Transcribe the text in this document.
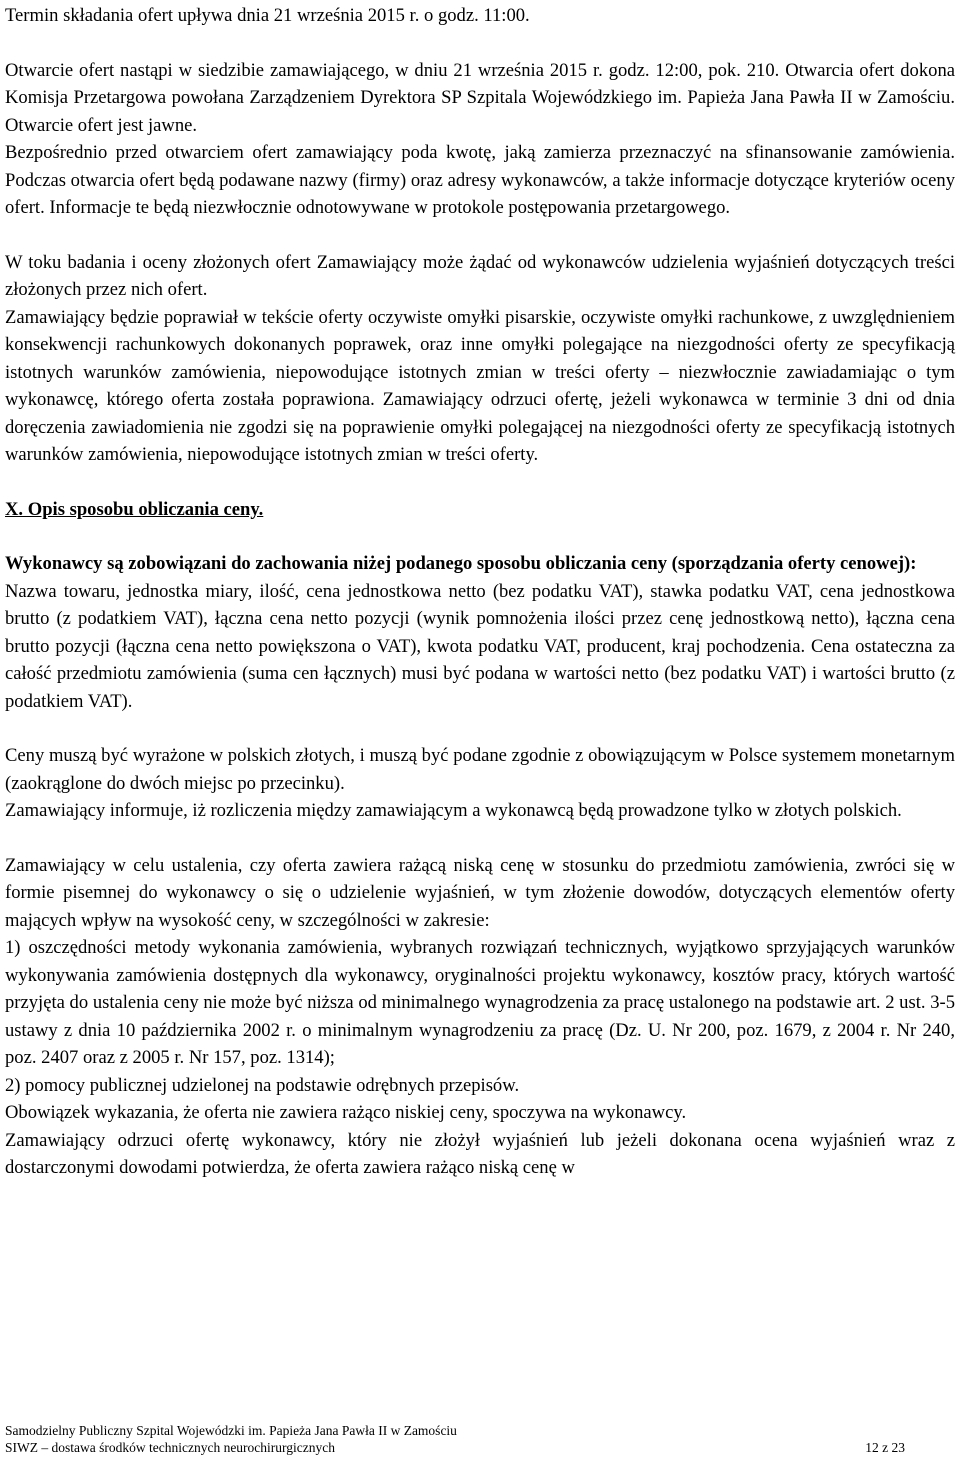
Termin składania ofert upływa dnia 21 września 2015 r. o godz. 11:00.

Otwarcie ofert nastąpi w siedzibie zamawiającego, w dniu 21 września 2015 r. godz. 12:00, pok. 210. Otwarcia ofert dokona Komisja Przetargowa powołana Zarządzeniem Dyrektora SP Szpitala Wojewódzkiego im. Papieża Jana Pawła II w Zamościu. Otwarcie ofert jest jawne.

Bezpośrednio przed otwarciem ofert zamawiający poda kwotę, jaką zamierza przeznaczyć na sfinansowanie zamówienia. Podczas otwarcia ofert będą podawane nazwy (firmy) oraz adresy wykonawców, a także informacje dotyczące kryteriów oceny ofert. Informacje te będą niezwłocznie odnotowywane w protokole postępowania przetargowego.

W toku badania i oceny złożonych ofert Zamawiający może żądać od wykonawców udzielenia wyjaśnień dotyczących treści złożonych przez nich ofert.

Zamawiający będzie poprawiał w tekście oferty oczywiste omyłki pisarskie, oczywiste omyłki rachunkowe, z uwzględnieniem konsekwencji rachunkowych dokonanych poprawek, oraz inne omyłki polegające na niezgodności oferty ze specyfikacją istotnych warunków zamówienia, niepowodujące istotnych zmian w treści oferty – niezwłocznie zawiadamiając o tym wykonawcę, którego oferta została poprawiona. Zamawiający odrzuci ofertę, jeżeli wykonawca w terminie 3 dni od dnia doręczenia zawiadomienia nie zgodzi się na poprawienie omyłki polegającej na niezgodności oferty ze specyfikacją istotnych warunków zamówienia, niepowodujące istotnych zmian w treści oferty.

X. Opis sposobu obliczania ceny.

Wykonawcy są zobowiązani do zachowania niżej podanego sposobu obliczania ceny (sporządzania oferty cenowej):

Nazwa towaru, jednostka miary, ilość, cena jednostkowa netto (bez podatku VAT), stawka podatku VAT, cena jednostkowa brutto (z podatkiem VAT), łączna cena netto pozycji (wynik pomnożenia ilości przez cenę jednostkową netto), łączna cena brutto pozycji (łączna cena netto powiększona o VAT), kwota podatku VAT, producent, kraj pochodzenia. Cena ostateczna za całość przedmiotu zamówienia (suma cen łącznych) musi być podana w wartości netto (bez podatku VAT) i wartości brutto (z podatkiem VAT).

Ceny muszą być wyrażone w polskich złotych, i muszą być podane zgodnie z obowiązującym w Polsce systemem monetarnym (zaokrąglone do dwóch miejsc po przecinku).

Zamawiający informuje, iż rozliczenia między zamawiającym a wykonawcą będą prowadzone tylko w złotych polskich.

Zamawiający w celu ustalenia, czy oferta zawiera rażącą niską cenę w stosunku do przedmiotu zamówienia, zwróci się w formie pisemnej do wykonawcy o się o udzielenie wyjaśnień, w tym złożenie dowodów, dotyczących elementów oferty mających wpływ na wysokość ceny, w szczególności w zakresie:

1) oszczędności metody wykonania zamówienia, wybranych rozwiązań technicznych, wyjątkowo sprzyjających warunków wykonywania zamówienia dostępnych dla wykonawcy, oryginalności projektu wykonawcy, kosztów pracy, których wartość przyjęta do ustalenia ceny nie może być niższa od minimalnego wynagrodzenia za pracę ustalonego na podstawie art. 2 ust. 3-5 ustawy z dnia 10 października 2002 r. o minimalnym wynagrodzeniu za pracę (Dz. U. Nr 200, poz. 1679, z 2004 r. Nr 240, poz. 2407 oraz z 2005 r. Nr 157, poz. 1314);

2) pomocy publicznej udzielonej na podstawie odrębnych przepisów.

Obowiązek wykazania, że oferta nie zawiera rażąco niskiej ceny, spoczywa na wykonawcy.

Zamawiający odrzuci ofertę wykonawcy, który nie złożył wyjaśnień lub jeżeli dokonana ocena wyjaśnień wraz z dostarczonymi dowodami potwierdza, że oferta zawiera rażąco niską cenę w

Samodzielny Publiczny Szpital Wojewódzki im. Papieża Jana Pawła II w Zamościu
SIWZ – dostawa środków technicznych neurochirurgicznych	12 z 23
